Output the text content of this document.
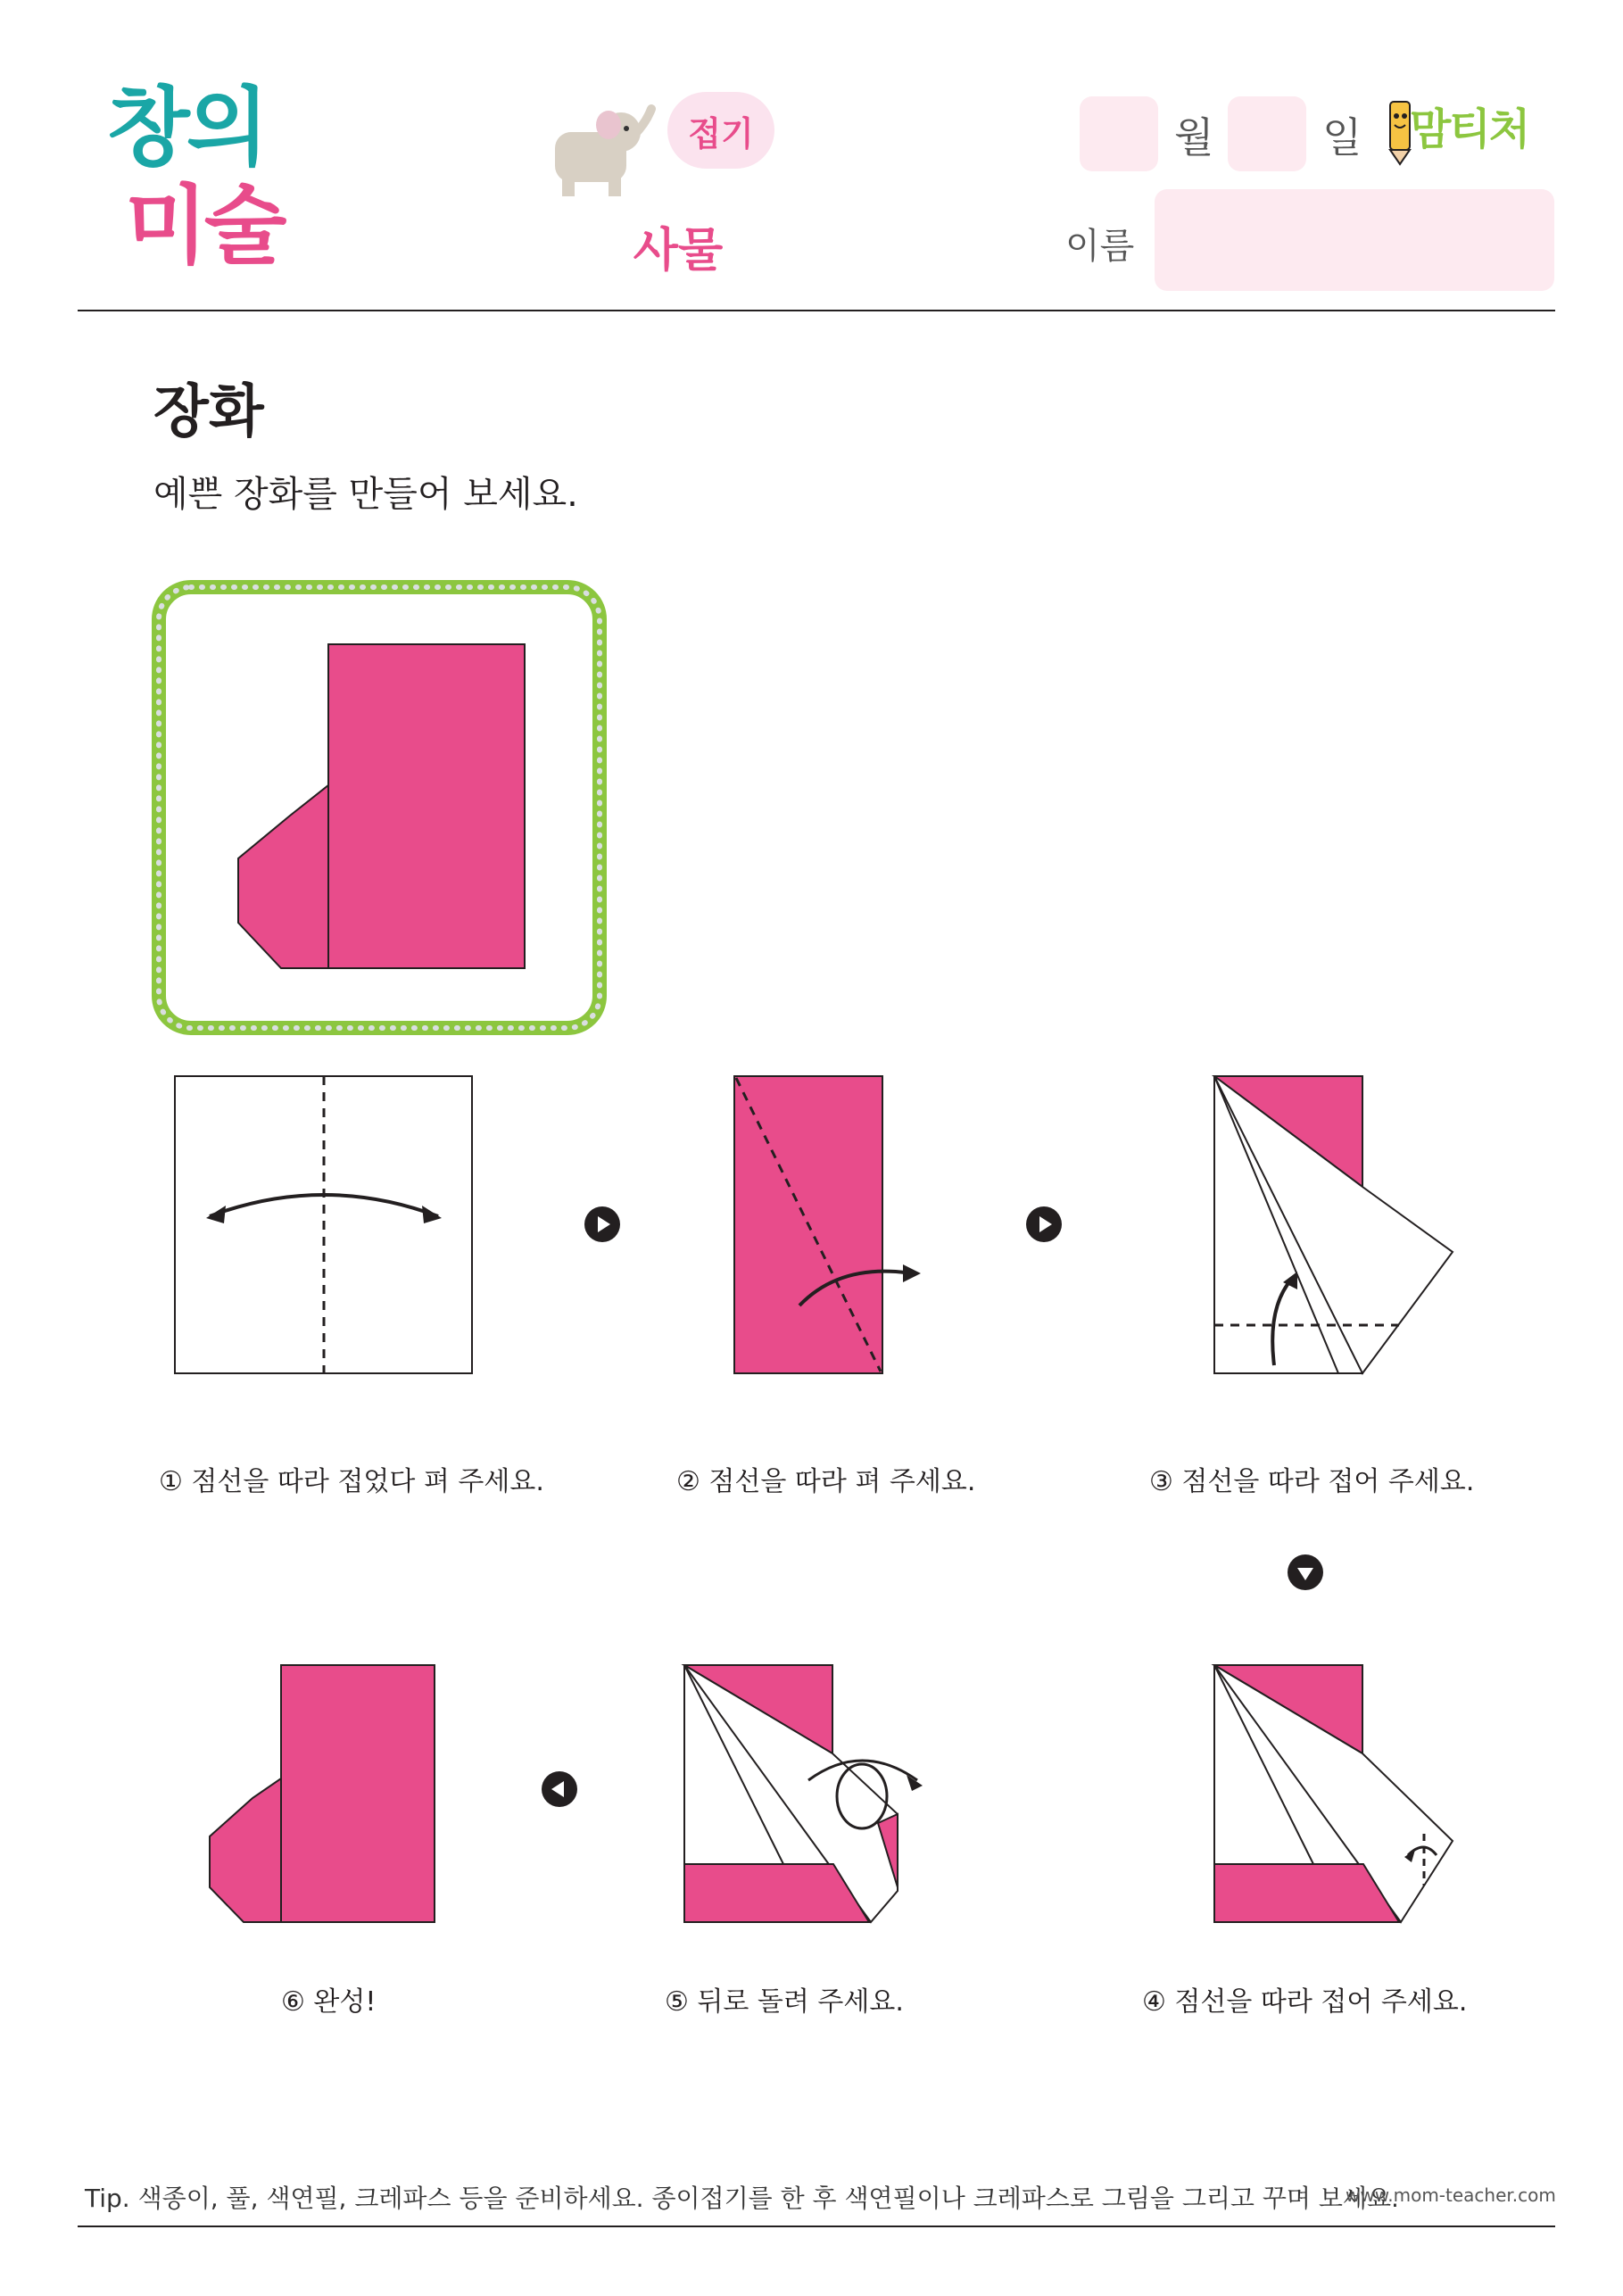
창의
미술
접기
사물
월	일 맘티처
이름
장화
예쁜 장화를 만들어 보세요.
① 점선을 따라 접었다 펴 주세요.	② 점선을 따라 펴 주세요.	③ 점선을 따라 접어 주세요.
④ 점선을 따라 접어 주세요.
⑤ 뒤로 돌려 주세요.
⑥ 완성!
Tip. 색종이, 풀, 색연필, 크레파스 등을 준비하세요. 종이접기를 한 후 색연필이나 크레파스로 그림을 그리고 꾸며 보세요.
www.mom-teacher.com
